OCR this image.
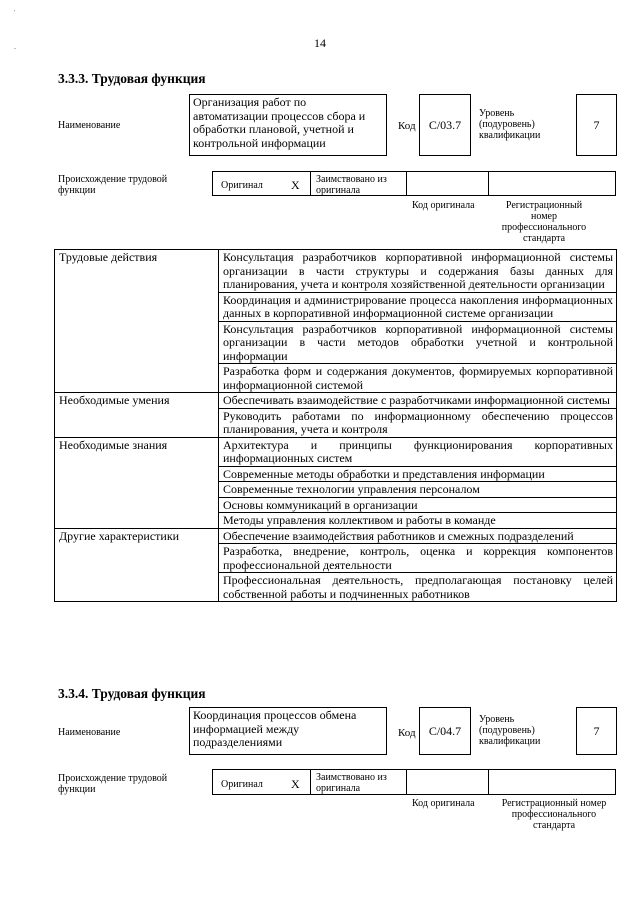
'
-	14
3.3.3. Трудовая функция
Наименование
Организация работ по автоматизации процессов сбора и обработки плановой, учетной и контрольной информации
Код C/03.7
Уровень (подуровень) квалификации
7
Происхождение трудовой функции	Оригинал X Заимствовано из оригинала
Код оригинала	Регистрационный номер профессионального стандарта
Трудовые действия	Консультация разработчиков корпоративной информационной системы организации в части структуры и содержания базы данных для планирования, учета и контроля хозяйственной деятельности организации
	Координация и администрирование процесса накопления информационных данных в корпоративной информационной системе организации
	Консультация разработчиков корпоративной информационной системы организации в части методов обработки учетной и контрольной информации
	Разработка форм и содержания документов, формируемых корпоративной информационной системой
Необходимые умения	Обеспечивать взаимодействие с разработчиками информационной системы
	Руководить работами по информационному обеспечению процессов планирования, учета и контроля
Необходимые знания	Архитектура и принципы функционирования корпоративных информационных систем
	Современные методы обработки и представления информации
	Современные технологии управления персоналом
	Основы коммуникаций в организации
	Методы управления коллективом и работы в команде
Другие характеристики	Обеспечение взаимодействия работников и смежных подразделений
	Разработка, внедрение, контроль, оценка и коррекция компонентов профессиональной деятельности
	Профессиональная деятельность, предполагающая постановку целей собственной работы и подчиненных работников
3.3.4. Трудовая функция
Наименование
Координация процессов обмена информацией между подразделениями
Код C/04.7
Уровень (подуровень) квалификации
7
Происхождение трудовой функции	Оригинал X Заимствовано из оригинала
Код оригинала	Регистрационный номер профессионального стандарта
